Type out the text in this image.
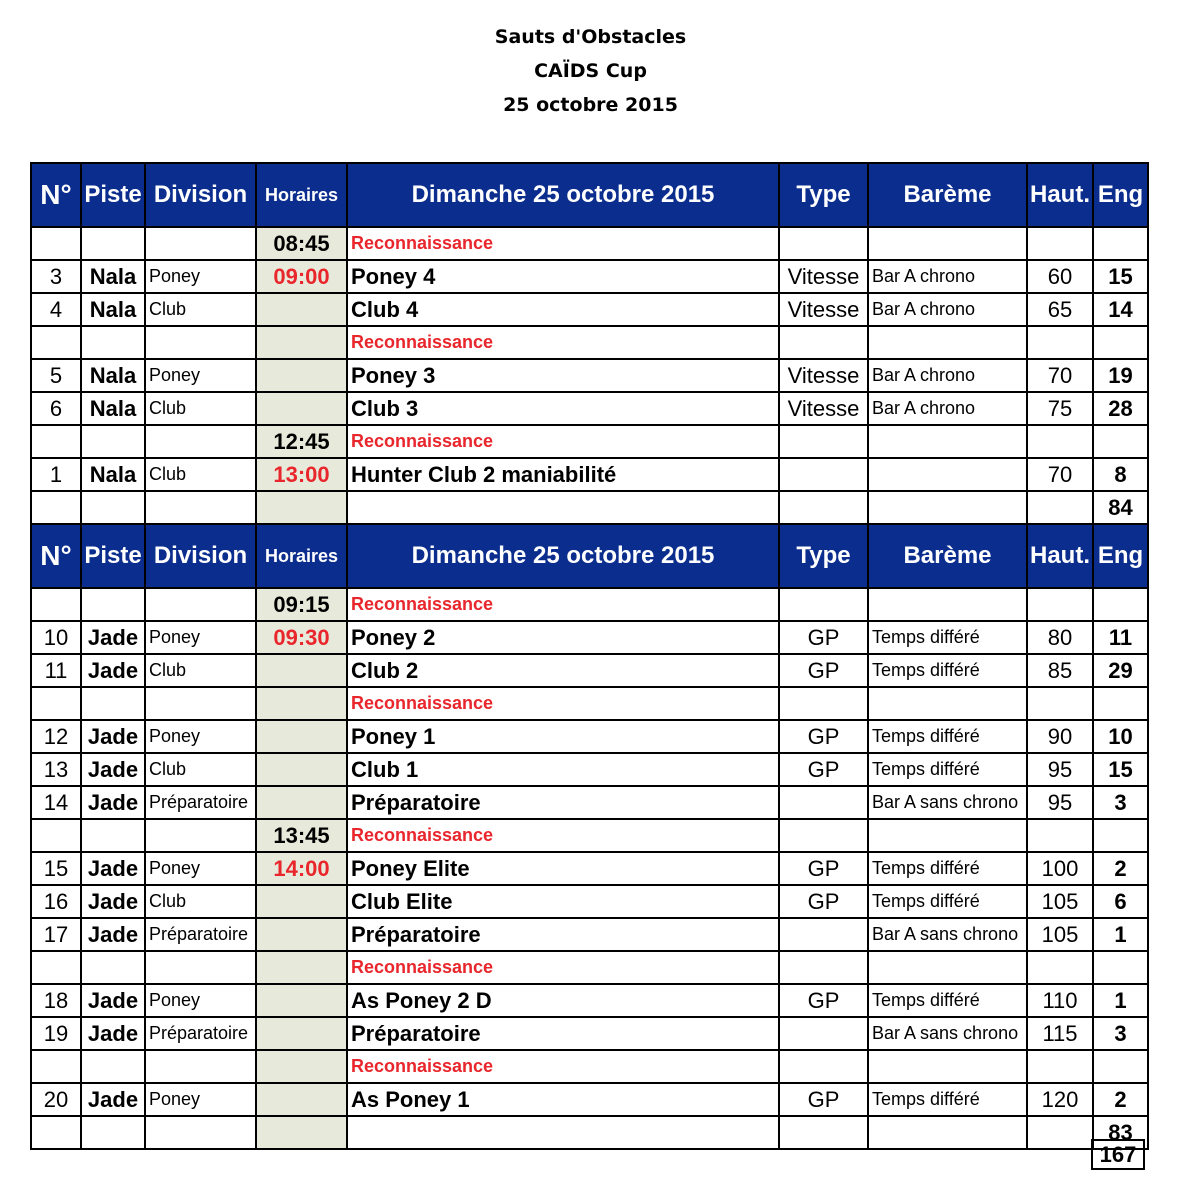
Sauts d'Obstacles
CAÏDS Cup
25 octobre 2015
N°	Piste	Division	Horaires	Dimanche 25 octobre 2015	Type	Barème	Haut.	Eng
			08:45	Reconnaissance				
3	Nala	Poney	09:00	Poney 4	Vitesse	Bar A chrono	60	15
4	Nala	Club		Club 4	Vitesse	Bar A chrono	65	14
				Reconnaissance				
5	Nala	Poney		Poney 3	Vitesse	Bar A chrono	70	19
6	Nala	Club		Club 3	Vitesse	Bar A chrono	75	28
			12:45	Reconnaissance				
1	Nala	Club	13:00	Hunter Club 2 maniabilité			70	8
								84
N°	Piste	Division	Horaires	Dimanche 25 octobre 2015	Type	Barème	Haut.	Eng
			09:15	Reconnaissance				
10	Jade	Poney	09:30	Poney 2	GP	Temps différé	80	11
11	Jade	Club		Club 2	GP	Temps différé	85	29
				Reconnaissance				
12	Jade	Poney		Poney 1	GP	Temps différé	90	10
13	Jade	Club		Club 1	GP	Temps différé	95	15
14	Jade	Préparatoire		Préparatoire		Bar A sans chrono	95	3
			13:45	Reconnaissance				
15	Jade	Poney	14:00	Poney Elite	GP	Temps différé	100	2
16	Jade	Club		Club Elite	GP	Temps différé	105	6
17	Jade	Préparatoire		Préparatoire		Bar A sans chrono	105	1
				Reconnaissance				
18	Jade	Poney		As Poney 2 D	GP	Temps différé	110	1
19	Jade	Préparatoire		Préparatoire		Bar A sans chrono	115	3
				Reconnaissance				
20	Jade	Poney		As Poney 1	GP	Temps différé	120	2
								83
167
